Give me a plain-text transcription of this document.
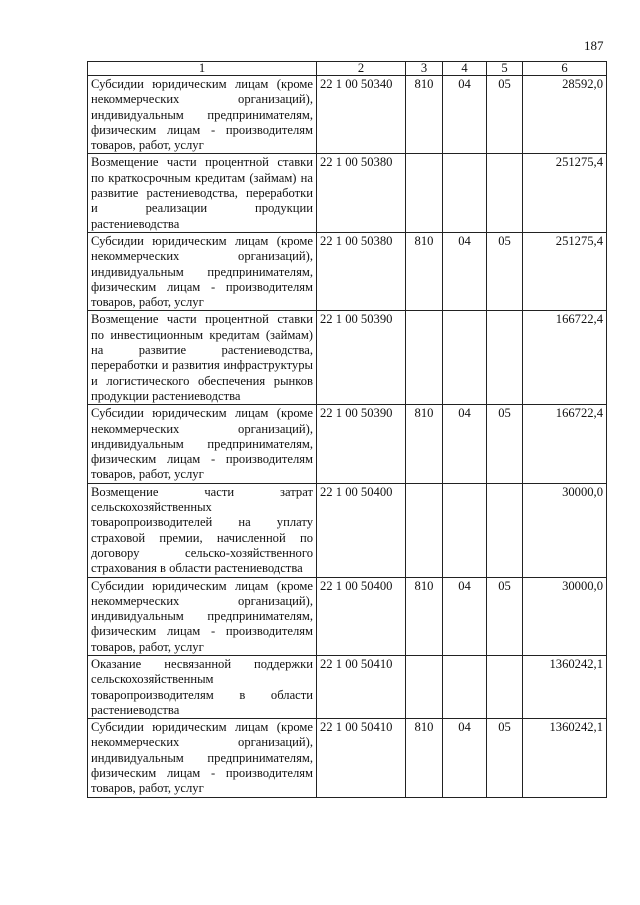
187
1	2	3	4	5	6
Субсидии юридическим лицам (кроме некоммерческих организаций), индивидуальным предпринимателям, физическим лицам - производителям товаров, работ, услуг	22 1 00 50340	810	04	05	28592,0
Возмещение части процентной ставки по краткосрочным кредитам (займам) на развитие растениеводства, переработки и реализации продукции растениеводства	22 1 00 50380				251275,4
Субсидии юридическим лицам (кроме некоммерческих организаций), индивидуальным предпринимателям, физическим лицам - производителям товаров, работ, услуг	22 1 00 50380	810	04	05	251275,4
Возмещение части процентной ставки по инвестиционным кредитам (займам) на развитие растениеводства, переработки и развития инфраструктуры и логистического обеспечения рынков продукции растениеводства	22 1 00 50390				166722,4
Субсидии юридическим лицам (кроме некоммерческих организаций), индивидуальным предпринимателям, физическим лицам - производителям товаров, работ, услуг	22 1 00 50390	810	04	05	166722,4
Возмещение части затрат сельскохозяйственных товаропроизводителей на уплату страховой премии, начисленной по договору сельско-хозяйственного страхования в области растениеводства	22 1 00 50400				30000,0
Субсидии юридическим лицам (кроме некоммерческих организаций), индивидуальным предпринимателям, физическим лицам - производителям товаров, работ, услуг	22 1 00 50400	810	04	05	30000,0
Оказание несвязанной поддержки сельскохозяйственным товаропроизводителям в области растениеводства	22 1 00 50410				1360242,1
Субсидии юридическим лицам (кроме некоммерческих организаций), индивидуальным предпринимателям, физическим лицам - производителям товаров, работ, услуг	22 1 00 50410	810	04	05	1360242,1
